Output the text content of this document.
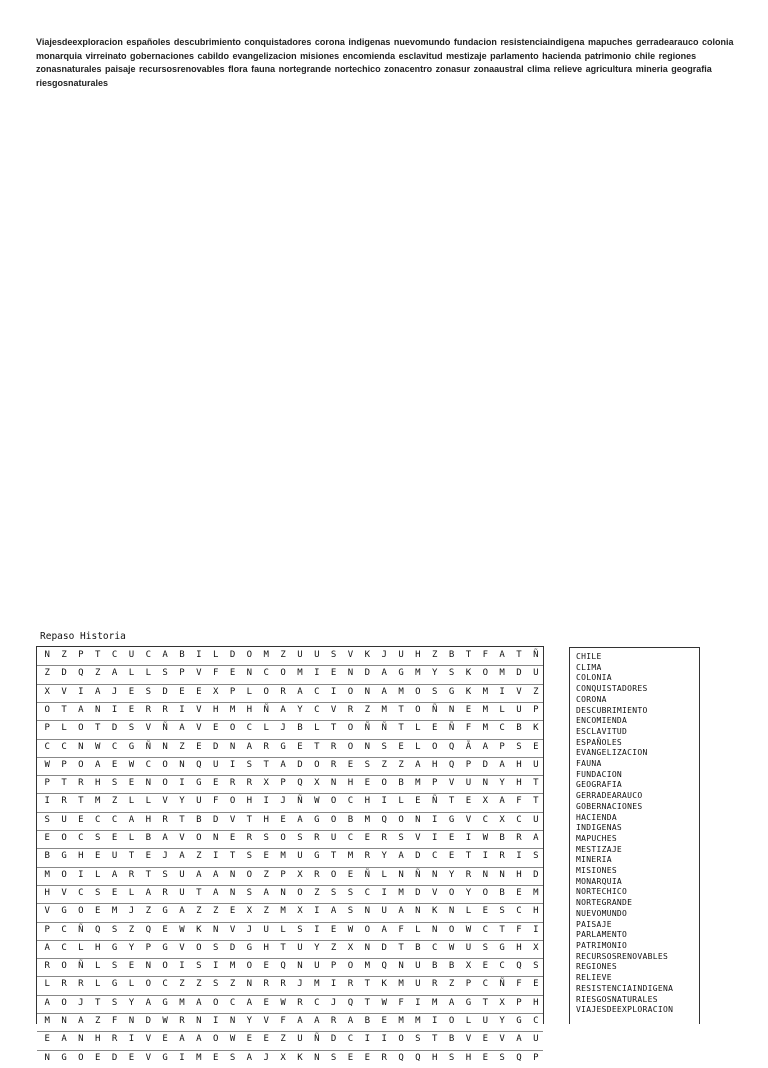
Viajesdeexploracion españoles descubrimiento conquistadores corona indigenas nuevomundo fundacion resistenciaindigena mapuches gerradearauco colonia monarquia virreinato gobernaciones cabildo evangelizacion misiones encomienda esclavitud mestizaje parlamento hacienda patrimonio chile regiones zonasnaturales paisaje recursosrenovables flora fauna nortegrande nortechico zonacentro zonasur zonaaustral clima relieve agricultura mineria geografia riesgosnaturales
Repaso Historia
N	Z	P	T	C	U	C	A	B	I	L	D	O	M	Z	U	U	S	V	K	J	U	H	Z	B	T	F	A	T	Ñ
Z	D	Q	Z	A	L	L	S	P	V	F	E	N	C	O	M	I	E	N	D	A	G	M	Y	S	K	O	M	D	U
X	V	I	A	J	E	S	D	E	E	X	P	L	O	R	A	C	I	O	N	A	M	O	S	G	K	M	I	V	Z
O	T	A	N	I	E	R	R	I	V	H	M	H	Ñ	A	Y	C	V	R	Z	M	T	O	Ñ	N	E	M	L	U	P
P	L	O	T	D	S	V	Ñ	A	V	E	O	C	L	J	B	L	T	O	Ñ	Ñ	T	L	E	Ñ	F	M	C	B	K
C	C	N	W	C	G	Ñ	N	Z	E	D	N	A	R	G	E	T	R	O	N	S	E	L	O	Q	Ã	A	P	S	E
W	P	O	A	E	W	C	O	N	Q	U	I	S	T	A	D	O	R	E	S	Z	Z	A	H	Q	P	D	A	H	U
P	T	R	H	S	E	N	O	I	G	E	R	R	X	P	Q	X	N	H	E	O	B	M	P	V	U	N	Y	H	T
I	R	T	M	Z	L	L	V	Y	U	F	O	H	I	J	Ñ	W	O	C	H	I	L	E	Ñ	T	E	X	A	F	T
S	U	E	C	C	A	H	R	T	B	D	V	T	H	E	A	G	O	B	M	Q	O	N	I	G	V	C	X	C	U
E	O	C	S	E	L	B	A	V	O	N	E	R	S	O	S	R	U	C	E	R	S	V	I	E	I	W	B	R	A
B	G	H	E	U	T	E	J	A	Z	I	T	S	E	M	U	G	T	M	R	Y	A	D	C	E	T	I	R	I	S
M	O	I	L	A	R	T	S	U	A	A	N	O	Z	P	X	R	O	E	Ñ	L	N	Ñ	N	Y	R	N	N	H	D
H	V	C	S	E	L	A	R	U	T	A	N	S	A	N	O	Z	S	S	C	I	M	D	V	O	Y	O	B	E	M
V	G	O	E	M	J	Z	G	A	Z	Z	E	X	Z	M	X	I	A	S	N	U	A	N	K	N	L	E	S	C	H
P	C	Ñ	Q	S	Z	Q	E	W	K	N	V	J	U	L	S	I	E	W	O	A	F	L	N	O	W	C	T	F	I
A	C	L	H	G	Y	P	G	V	O	S	D	G	H	T	U	Y	Z	X	N	D	T	B	C	W	U	S	G	H	X
R	O	Ñ	L	S	E	N	O	I	S	I	M	O	E	Q	N	U	P	O	M	Q	N	U	B	B	X	E	C	Q	S
L	R	R	L	G	L	O	C	Z	Z	S	Z	N	R	R	J	M	I	R	T	K	M	U	R	Z	P	C	Ñ	F	E
A	O	J	T	S	Y	A	G	M	A	O	C	A	E	W	R	C	J	Q	T	W	F	I	M	A	G	T	X	P	H
M	N	A	Z	F	N	D	W	R	N	I	N	Y	V	F	A	A	R	A	B	E	M	M	I	O	L	U	Y	G	C
E	A	N	H	R	I	V	E	A	A	O	W	E	E	Z	U	Ñ	D	C	I	I	O	S	T	B	V	E	V	A	U
N	G	O	E	D	E	V	G	I	M	E	S	A	J	X	K	N	S	E	E	R	Q	Q	H	S	H	E	S	Q	P
CHILE
CLIMA
COLONIA
CONQUISTADORES
CORONA
DESCUBRIMIENTO
ENCOMIENDA
ESCLAVITUD
ESPAÑOLES
EVANGELIZACION
FAUNA
FUNDACION
GEOGRAFIA
GERRADEARAUCO
GOBERNACIONES
HACIENDA
INDIGENAS
MAPUCHES
MESTIZAJE
MINERIA
MISIONES
MONARQUIA
NORTECHICO
NORTEGRANDE
NUEVOMUNDO
PAISAJE
PARLAMENTO
PATRIMONIO
RECURSOSRENOVABLES
REGIONES
RELIEVE
RESISTENCIAINDIGENA
RIESGOSNATURALES
VIAJESDEEXPLORACION
